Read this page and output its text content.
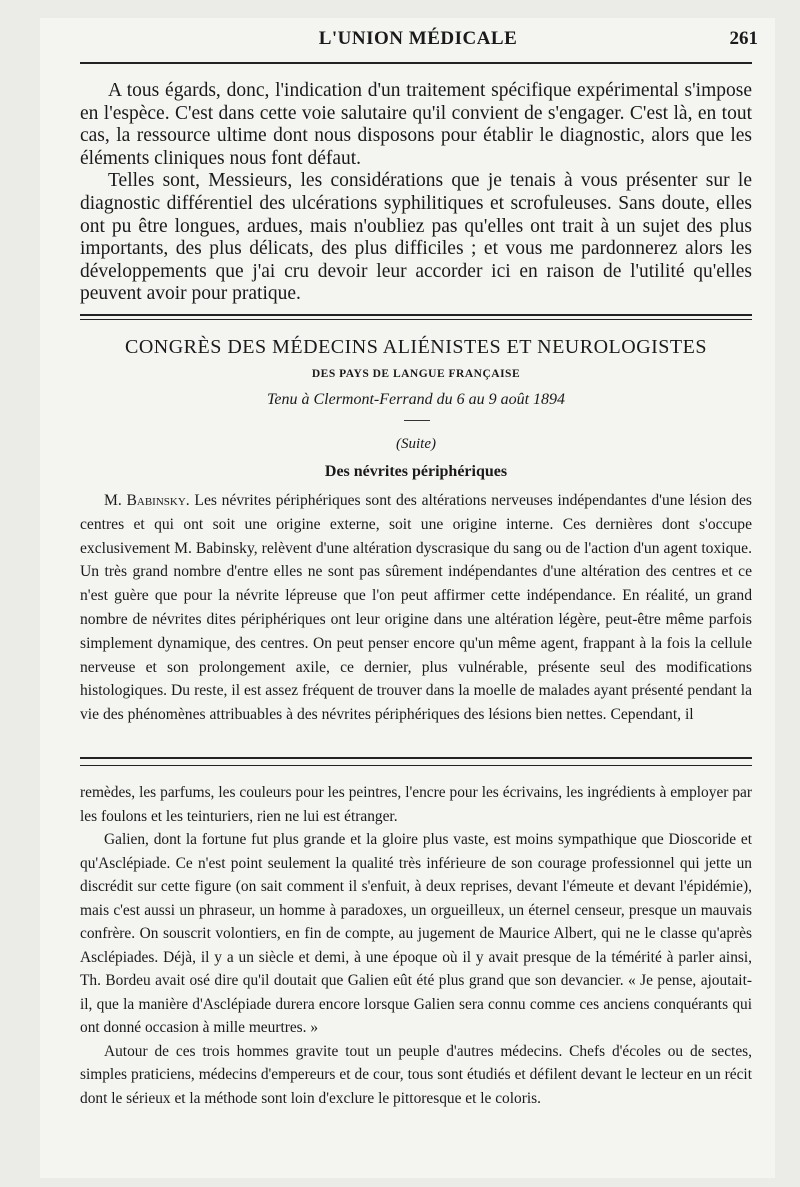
L'UNION MÉDICALE	261

A tous égards, donc, l'indication d'un traitement spécifique expérimental s'impose en l'espèce. C'est dans cette voie salutaire qu'il convient de s'engager. C'est là, en tout cas, la ressource ultime dont nous disposons pour établir le diagnostic, alors que les éléments cliniques nous font défaut.

Telles sont, Messieurs, les considérations que je tenais à vous présenter sur le diagnostic différentiel des ulcérations syphilitiques et scrofuleuses. Sans doute, elles ont pu être longues, ardues, mais n'oubliez pas qu'elles ont trait à un sujet des plus importants, des plus délicats, des plus difficiles ; et vous me pardonnerez alors les développements que j'ai cru devoir leur accorder ici en raison de l'utilité qu'elles peuvent avoir pour pratique.

CONGRÈS DES MÉDECINS ALIÉNISTES ET NEUROLOGISTES
DES PAYS DE LANGUE FRANÇAISE
Tenu à Clermont-Ferrand du 6 au 9 août 1894
(Suite)
Des névrites périphériques

M. Babinsky. Les névrites périphériques sont des altérations nerveuses indépendantes d'une lésion des centres et qui ont soit une origine externe, soit une origine interne. Ces dernières dont s'occupe exclusivement M. Babinsky, relèvent d'une altération dyscrasique du sang ou de l'action d'un agent toxique. Un très grand nombre d'entre elles ne sont pas sûrement indépendantes d'une altération des centres et ce n'est guère que pour la névrite lépreuse que l'on peut affirmer cette indépendance. En réalité, un grand nombre de névrites dites périphériques ont leur origine dans une altération légère, peut-être même parfois simplement dynamique, des centres. On peut penser encore qu'un même agent, frappant à la fois la cellule nerveuse et son prolongement axile, ce dernier, plus vulnérable, présente seul des modifications histologiques. Du reste, il est assez fréquent de trouver dans la moelle de malades ayant présenté pendant la vie des phénomènes attribuables à des névrites périphériques des lésions bien nettes. Cependant, il

remèdes, les parfums, les couleurs pour les peintres, l'encre pour les écrivains, les ingrédients à employer par les foulons et les teinturiers, rien ne lui est étranger.

Galien, dont la fortune fut plus grande et la gloire plus vaste, est moins sympathique que Dioscoride et qu'Asclépiade. Ce n'est point seulement la qualité très inférieure de son courage professionnel qui jette un discrédit sur cette figure (on sait comment il s'enfuit, à deux reprises, devant l'émeute et devant l'épidémie), mais c'est aussi un phraseur, un homme à paradoxes, un orgueilleux, un éternel censeur, presque un mauvais confrère. On souscrit volontiers, en fin de compte, au jugement de Maurice Albert, qui ne le classe qu'après Asclépiades. Déjà, il y a un siècle et demi, à une époque où il y avait presque de la témérité à parler ainsi, Th. Bordeu avait osé dire qu'il doutait que Galien eût été plus grand que son devancier. « Je pense, ajoutait-il, que la manière d'Asclépiade durera encore lorsque Galien sera connu comme ces anciens conquérants qui ont donné occasion à mille meurtres. »

Autour de ces trois hommes gravite tout un peuple d'autres médecins. Chefs d'écoles ou de sectes, simples praticiens, médecins d'empereurs et de cour, tous sont étudiés et défilent devant le lecteur en un récit dont le sérieux et la méthode sont loin d'exclure le pittoresque et le coloris.
